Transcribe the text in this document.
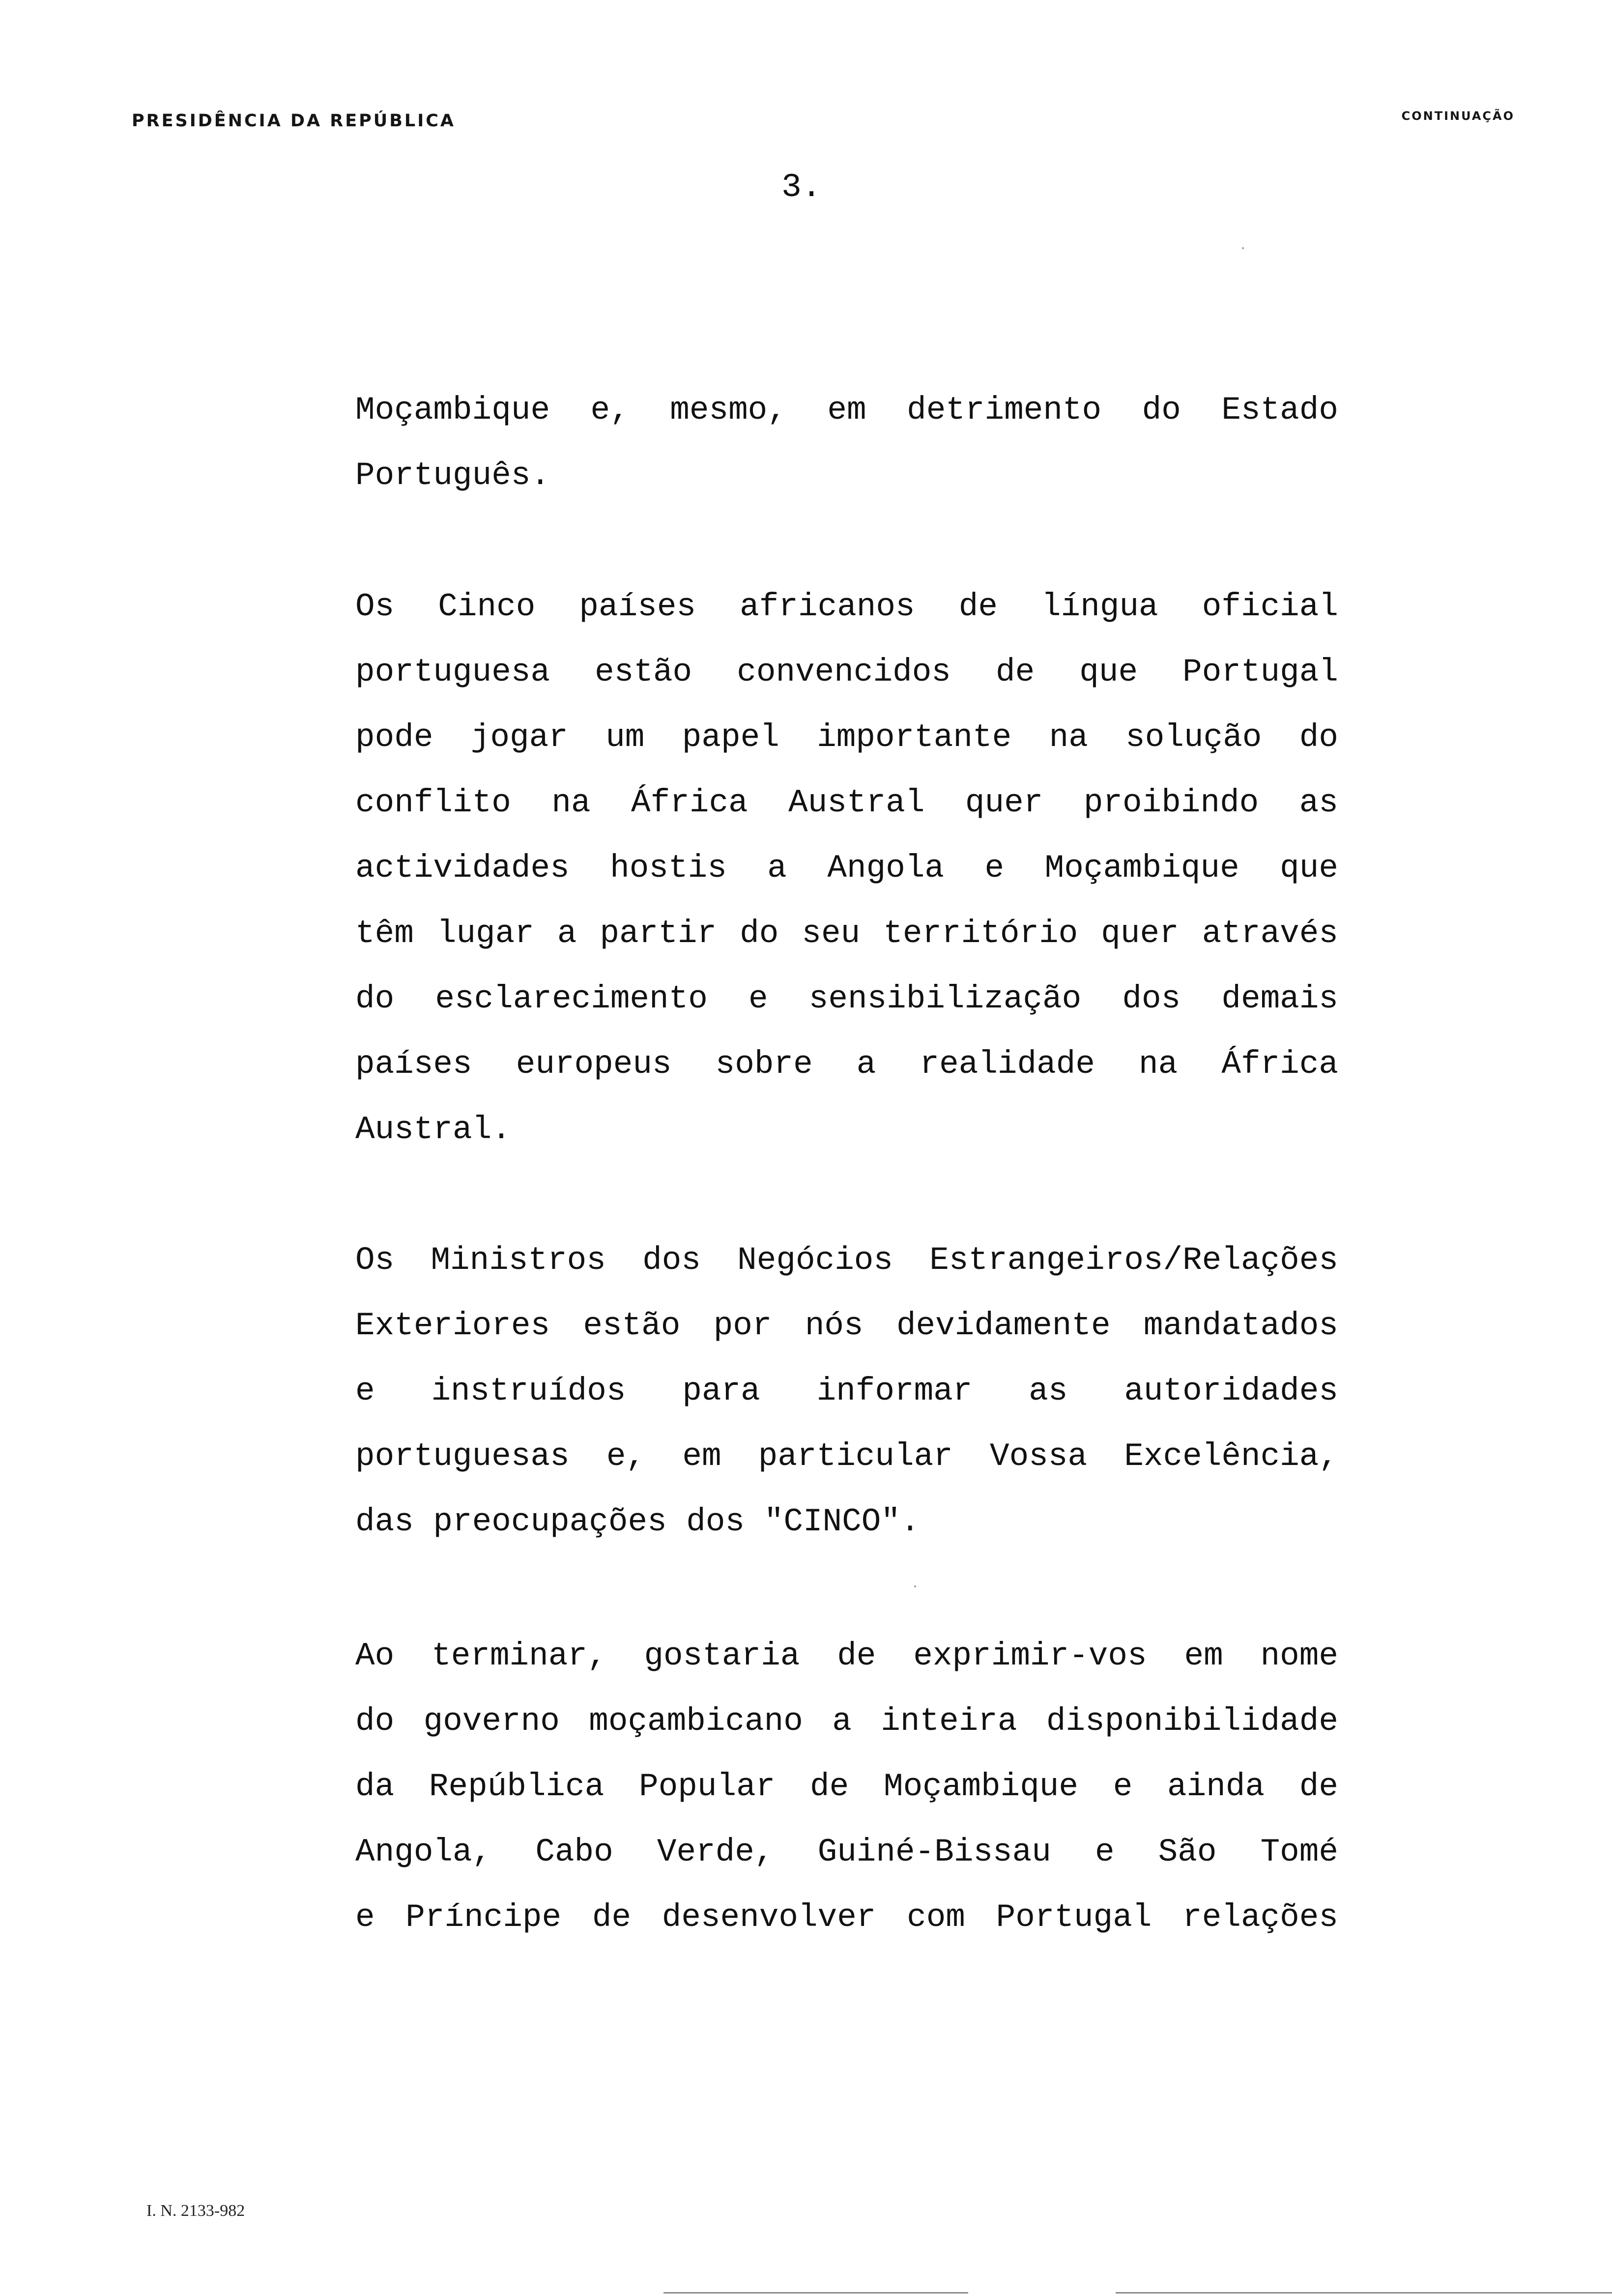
PRESIDÊNCIA DA REPÚBLICA	CONTINUAÇÃO
3.
Moçambique e, mesmo, em detrimento do Estado
Português.
Os Cinco países africanos de língua oficial
portuguesa estão convencidos de que Portugal
pode jogar um papel importante na solução do
conflito na África Austral quer proibindo as
actividades hostis a Angola e Moçambique que
têm lugar a partir do seu território quer através
do esclarecimento e sensibilização dos demais
países europeus sobre a realidade na África
Austral.
Os Ministros dos Negócios Estrangeiros/Relações
Exteriores estão por nós devidamente mandatados
e instruídos para informar as autoridades
portuguesas e, em particular Vossa Excelência,
das preocupações dos "CINCO".
Ao terminar, gostaria de exprimir-vos em nome
do governo moçambicano a inteira disponibilidade
da República Popular de Moçambique e ainda de
Angola, Cabo Verde, Guiné-Bissau e São Tomé
e Príncipe de desenvolver com Portugal relações
I. N. 2133-982
